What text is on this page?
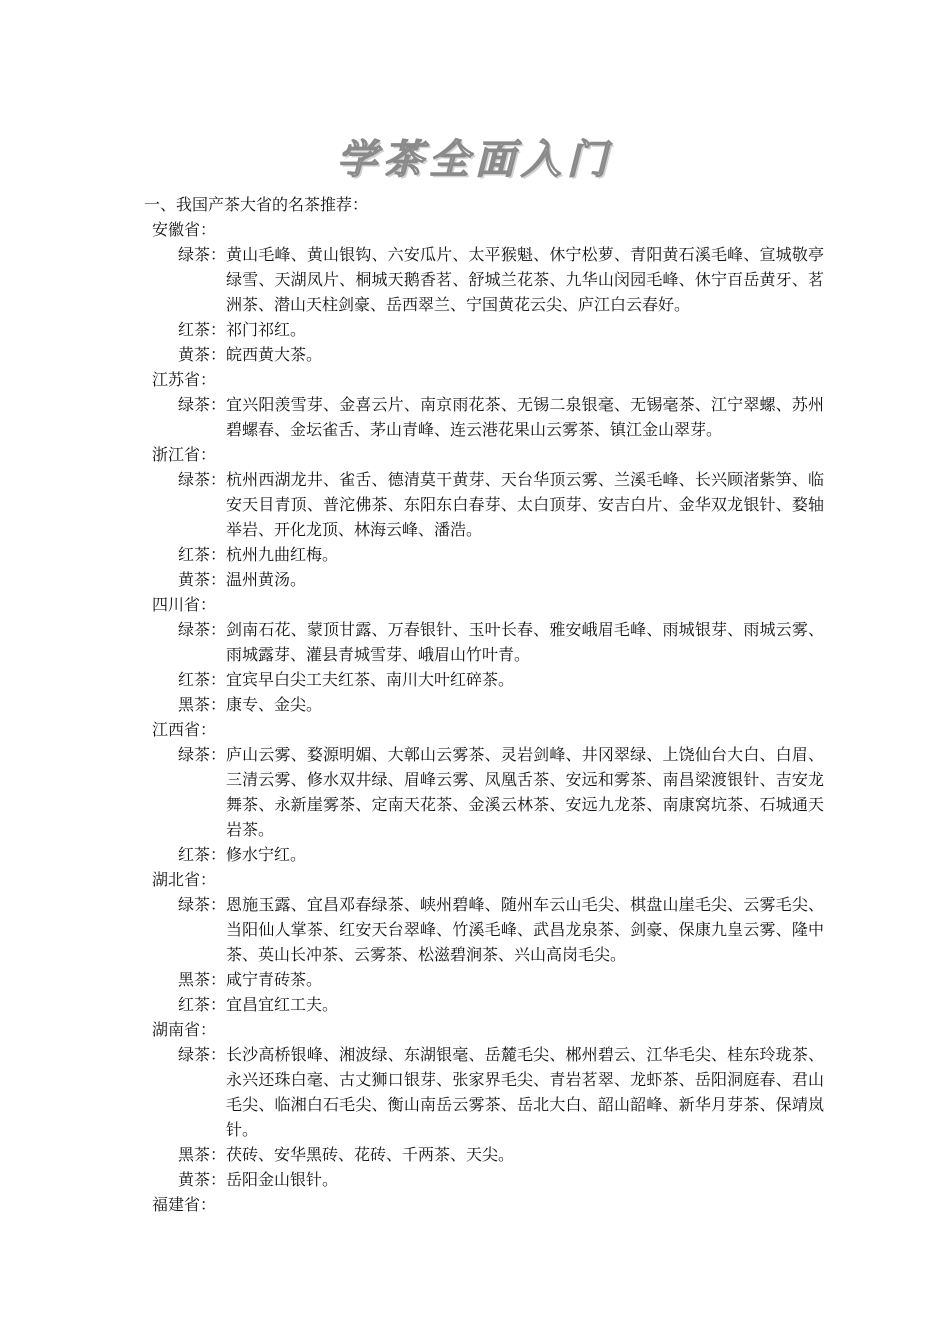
学茶全面入门
一、我国产茶大省的名茶推荐：
安徽省：
绿茶： 黄山毛峰、黄山银钩、六安瓜片、太平猴魁、休宁松萝、青阳黄石溪毛峰、宣城敬亭绿雪、天湖凤片、桐城天鹅香茗、舒城兰花茶、九华山闵园毛峰、休宁百岳黄牙、茗洲茶、潜山天柱剑豪、岳西翠兰、宁国黄花云尖、庐江白云春好。
红茶： 祁门祁红。
黄茶： 皖西黄大茶。
江苏省：
绿茶： 宜兴阳羡雪芽、金喜云片、南京雨花茶、无锡二泉银毫、无锡毫茶、江宁翠螺、苏州碧螺春、金坛雀舌、茅山青峰、连云港花果山云雾茶、镇江金山翠芽。
浙江省：
绿茶： 杭州西湖龙井、雀舌、德清莫干黄芽、天台华顶云雾、兰溪毛峰、长兴顾渚紫笋、临安天目青顶、普沱佛茶、东阳东白春芽、太白顶芽、安吉白片、金华双龙银针、婺轴举岩、开化龙顶、林海云峰、潘浩。
红茶： 杭州九曲红梅。
黄茶： 温州黄汤。
四川省：
绿茶： 剑南石花、蒙顶甘露、万春银针、玉叶长春、雅安峨眉毛峰、雨城银芽、雨城云雾、雨城露芽、灌县青城雪芽、峨眉山竹叶青。
红茶： 宜宾早白尖工夫红茶、南川大叶红碎茶。
黑茶： 康专、金尖。
江西省：
绿茶： 庐山云雾、婺源明媚、大鄣山云雾茶、灵岩剑峰、井冈翠绿、上饶仙台大白、白眉、三清云雾、修水双井绿、眉峰云雾、凤凰舌茶、安远和雾茶、南昌梁渡银针、吉安龙舞茶、永新崖雾茶、定南天花茶、金溪云林茶、安远九龙茶、南康窝坑茶、石城通天岩茶。
红茶： 修水宁红。
湖北省：
绿茶： 恩施玉露、宜昌邓春绿茶、峡州碧峰、随州车云山毛尖、棋盘山崖毛尖、云雾毛尖、当阳仙人掌茶、红安天台翠峰、竹溪毛峰、武昌龙泉茶、剑豪、保康九皇云雾、隆中茶、英山长冲茶、云雾茶、松滋碧涧茶、兴山高岗毛尖。
黑茶： 咸宁青砖茶。
红茶： 宜昌宜红工夫。
湖南省：
绿茶： 长沙高桥银峰、湘波绿、东湖银毫、岳麓毛尖、郴州碧云、江华毛尖、桂东玲珑茶、永兴还珠白毫、古丈狮口银芽、张家界毛尖、青岩茗翠、龙虾茶、岳阳洞庭春、君山毛尖、临湘白石毛尖、衡山南岳云雾茶、岳北大白、韶山韶峰、新华月芽茶、保靖岚针。
黑茶： 茯砖、安华黑砖、花砖、千两茶、天尖。
黄茶： 岳阳金山银针。
福建省：
